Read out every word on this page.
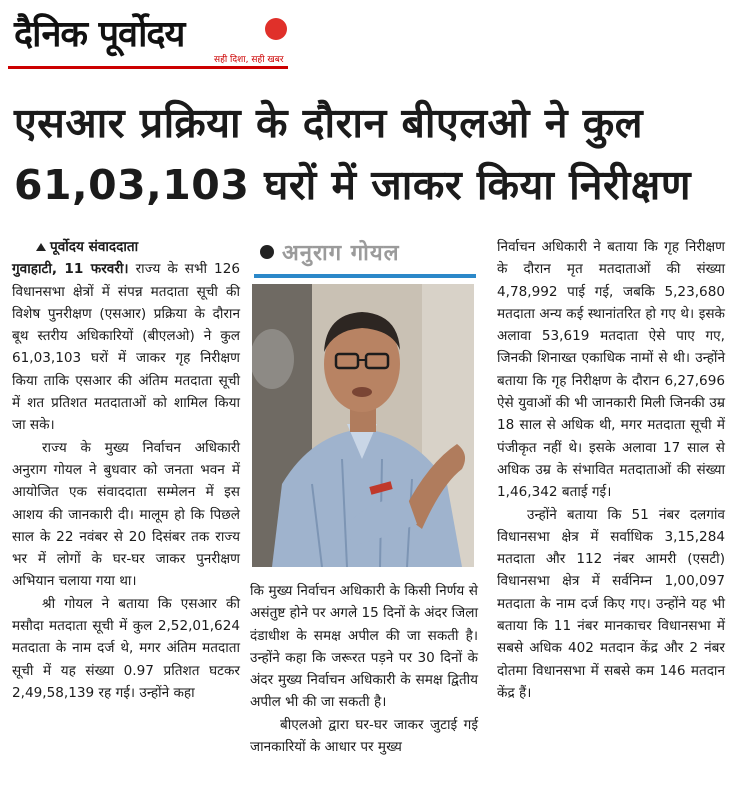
दैनिक पूर्वोदय
सही दिशा, सही खबर
एसआर प्रक्रिया के दौरान बीएलओ ने कुल 61,03,103 घरों में जाकर किया निरीक्षण

पूर्वोदय संवाददाता

गुवाहाटी, 11 फरवरी। राज्य के सभी 126 विधानसभा क्षेत्रों में संपन्न मतदाता सूची की विशेष पुनरीक्षण (एसआर) प्रक्रिया के दौरान बूथ स्तरीय अधिकारियों (बीएलओ) ने कुल 61,03,103 घरों में जाकर गृह निरीक्षण किया ताकि एसआर की अंतिम मतदाता सूची में शत प्रतिशत मतदाताओं को शामिल किया जा सके।

राज्य के मुख्य निर्वाचन अधिकारी अनुराग गोयल ने बुधवार को जनता भवन में आयोजित एक संवाददाता सम्मेलन में इस आशय की जानकारी दी। मालूम हो कि पिछले साल के 22 नवंबर से 20 दिसंबर तक राज्य भर में लोगों के घर-घर जाकर पुनरीक्षण अभियान चलाया गया था।

श्री गोयल ने बताया कि एसआर की मसौदा मतदाता सूची में कुल 2,52,01,624 मतदाता के नाम दर्ज थे, मगर अंतिम मतदाता सूची में यह संख्या 0.97 प्रतिशत घटकर 2,49,58,139 रह गई। उन्होंने कहा

अनुराग गोयल

कि मुख्य निर्वाचन अधिकारी के किसी निर्णय से असंतुष्ट होने पर अगले 15 दिनों के अंदर जिला दंडाधीश के समक्ष अपील की जा सकती है। उन्होंने कहा कि जरूरत पड़ने पर 30 दिनों के अंदर मुख्य निर्वाचन अधिकारी के समक्ष द्वितीय अपील भी की जा सकती है।

बीएलओ द्वारा घर-घर जाकर जुटाई गई जानकारियों के आधार पर मुख्य

निर्वाचन अधिकारी ने बताया कि गृह निरीक्षण के दौरान मृत मतदाताओं की संख्या 4,78,992 पाई गई, जबकि 5,23,680 मतदाता अन्य कई स्थानांतरित हो गए थे। इसके अलावा 53,619 मतदाता ऐसे पाए गए, जिनकी शिनाख्त एकाधिक नामों से थी। उन्होंने बताया कि गृह निरीक्षण के दौरान 6,27,696 ऐसे युवाओं की भी जानकारी मिली जिनकी उम्र 18 साल से अधिक थी, मगर मतदाता सूची में पंजीकृत नहीं थे। इसके अलावा 17 साल से अधिक उम्र के संभावित मतदाताओं की संख्या 1,46,342 बताई गई।

उन्होंने बताया कि 51 नंबर दलगांव विधानसभा क्षेत्र में सर्वाधिक 3,15,284 मतदाता और 112 नंबर आमरी (एसटी) विधानसभा क्षेत्र में सर्वनिम्न 1,00,097 मतदाता के नाम दर्ज किए गए। उन्होंने यह भी बताया कि 11 नंबर मानकाचर विधानसभा में सबसे अधिक 402 मतदान केंद्र और 2 नंबर दोतमा विधानसभा में सबसे कम 146 मतदान केंद्र हैं।
